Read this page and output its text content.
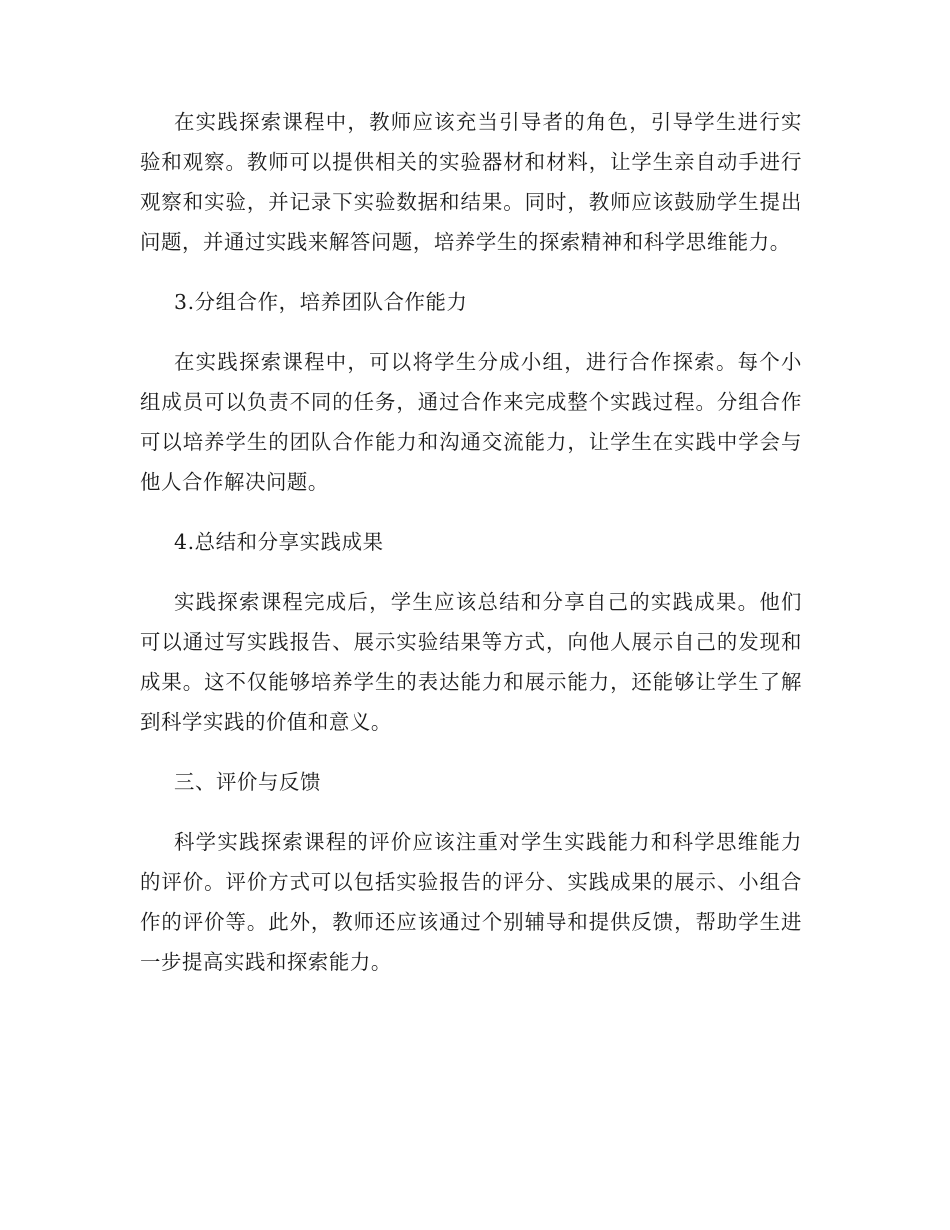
在实践探索课程中，教师应该充当引导者的角色，引导学生进行实验和观察。教师可以提供相关的实验器材和材料，让学生亲自动手进行观察和实验，并记录下实验数据和结果。同时，教师应该鼓励学生提出问题，并通过实践来解答问题，培养学生的探索精神和科学思维能力。

3.分组合作，培养团队合作能力

在实践探索课程中，可以将学生分成小组，进行合作探索。每个小组成员可以负责不同的任务，通过合作来完成整个实践过程。分组合作可以培养学生的团队合作能力和沟通交流能力，让学生在实践中学会与他人合作解决问题。

4.总结和分享实践成果

实践探索课程完成后，学生应该总结和分享自己的实践成果。他们可以通过写实践报告、展示实验结果等方式，向他人展示自己的发现和成果。这不仅能够培养学生的表达能力和展示能力，还能够让学生了解到科学实践的价值和意义。

三、评价与反馈

科学实践探索课程的评价应该注重对学生实践能力和科学思维能力的评价。评价方式可以包括实验报告的评分、实践成果的展示、小组合作的评价等。此外，教师还应该通过个别辅导和提供反馈，帮助学生进一步提高实践和探索能力。
